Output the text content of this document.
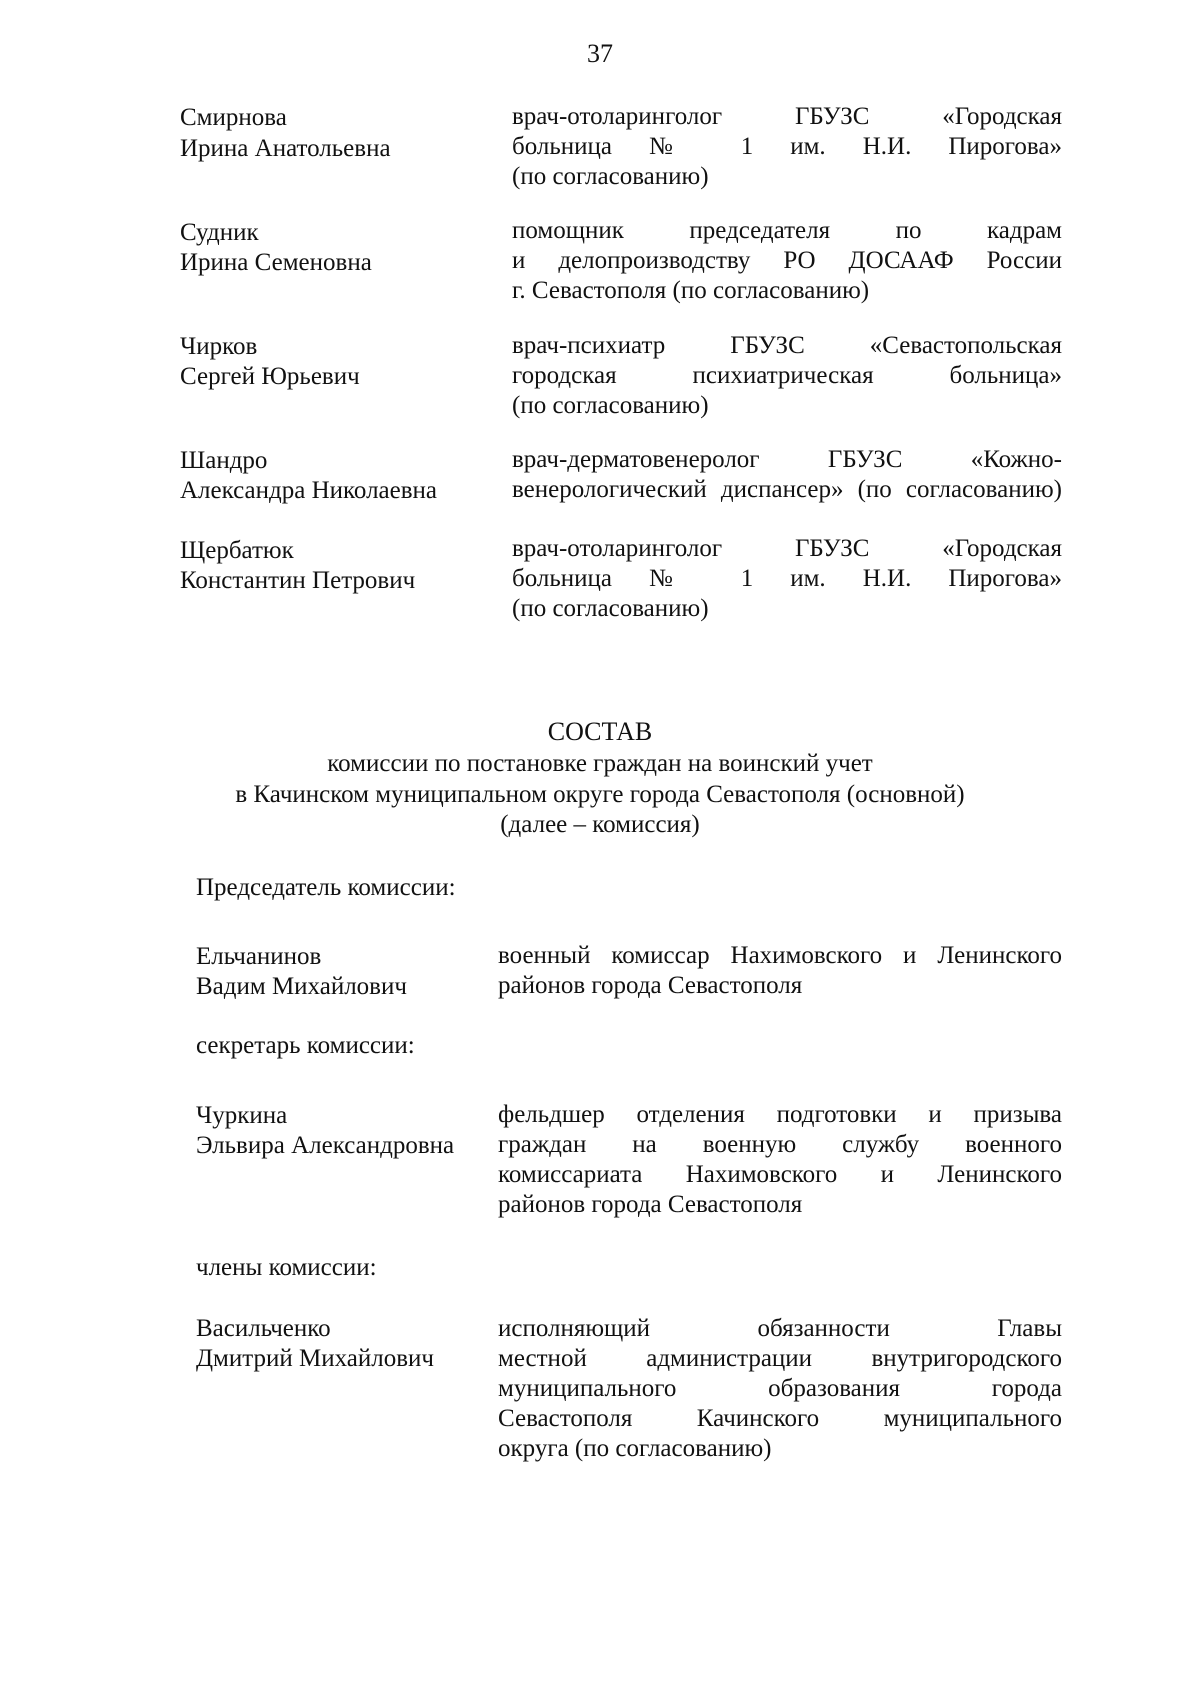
37
Смирнова
Ирина Анатольевна
врач-отоларинголог ГБУЗС «Городская
больница № 1 им. Н.И. Пирогова»
(по согласованию)
Судник
Ирина Семеновна
помощник председателя по кадрам
и делопроизводству РО ДОСААФ России
г. Севастополя (по согласованию)
Чирков
Сергей Юрьевич
врач-психиатр ГБУЗС «Севастопольская
городская психиатрическая больница»
(по согласованию)
Шандро
Александра Николаевна
врач-дерматовенеролог ГБУЗС «Кожно-
венерологический диспансер» (по согласованию)
Щербатюк
Константин Петрович
врач-отоларинголог ГБУЗС «Городская
больница № 1 им. Н.И. Пирогова»
(по согласованию)
СОСТАВ
комиссии по постановке граждан на воинский учет
в Качинском муниципальном округе города Севастополя (основной)
(далее – комиссия)
Председатель комиссии:
Ельчанинов
Вадим Михайлович
военный комиссар Нахимовского и Ленинского
районов города Севастополя
секретарь комиссии:
Чуркина
Эльвира Александровна
фельдшер отделения подготовки и призыва
граждан на военную службу военного
комиссариата Нахимовского и Ленинского
районов города Севастополя
члены комиссии:
Васильченко
Дмитрий Михайлович
исполняющий обязанности Главы
местной администрации внутригородского
муниципального образования города
Севастополя Качинского муниципального
округа (по согласованию)
